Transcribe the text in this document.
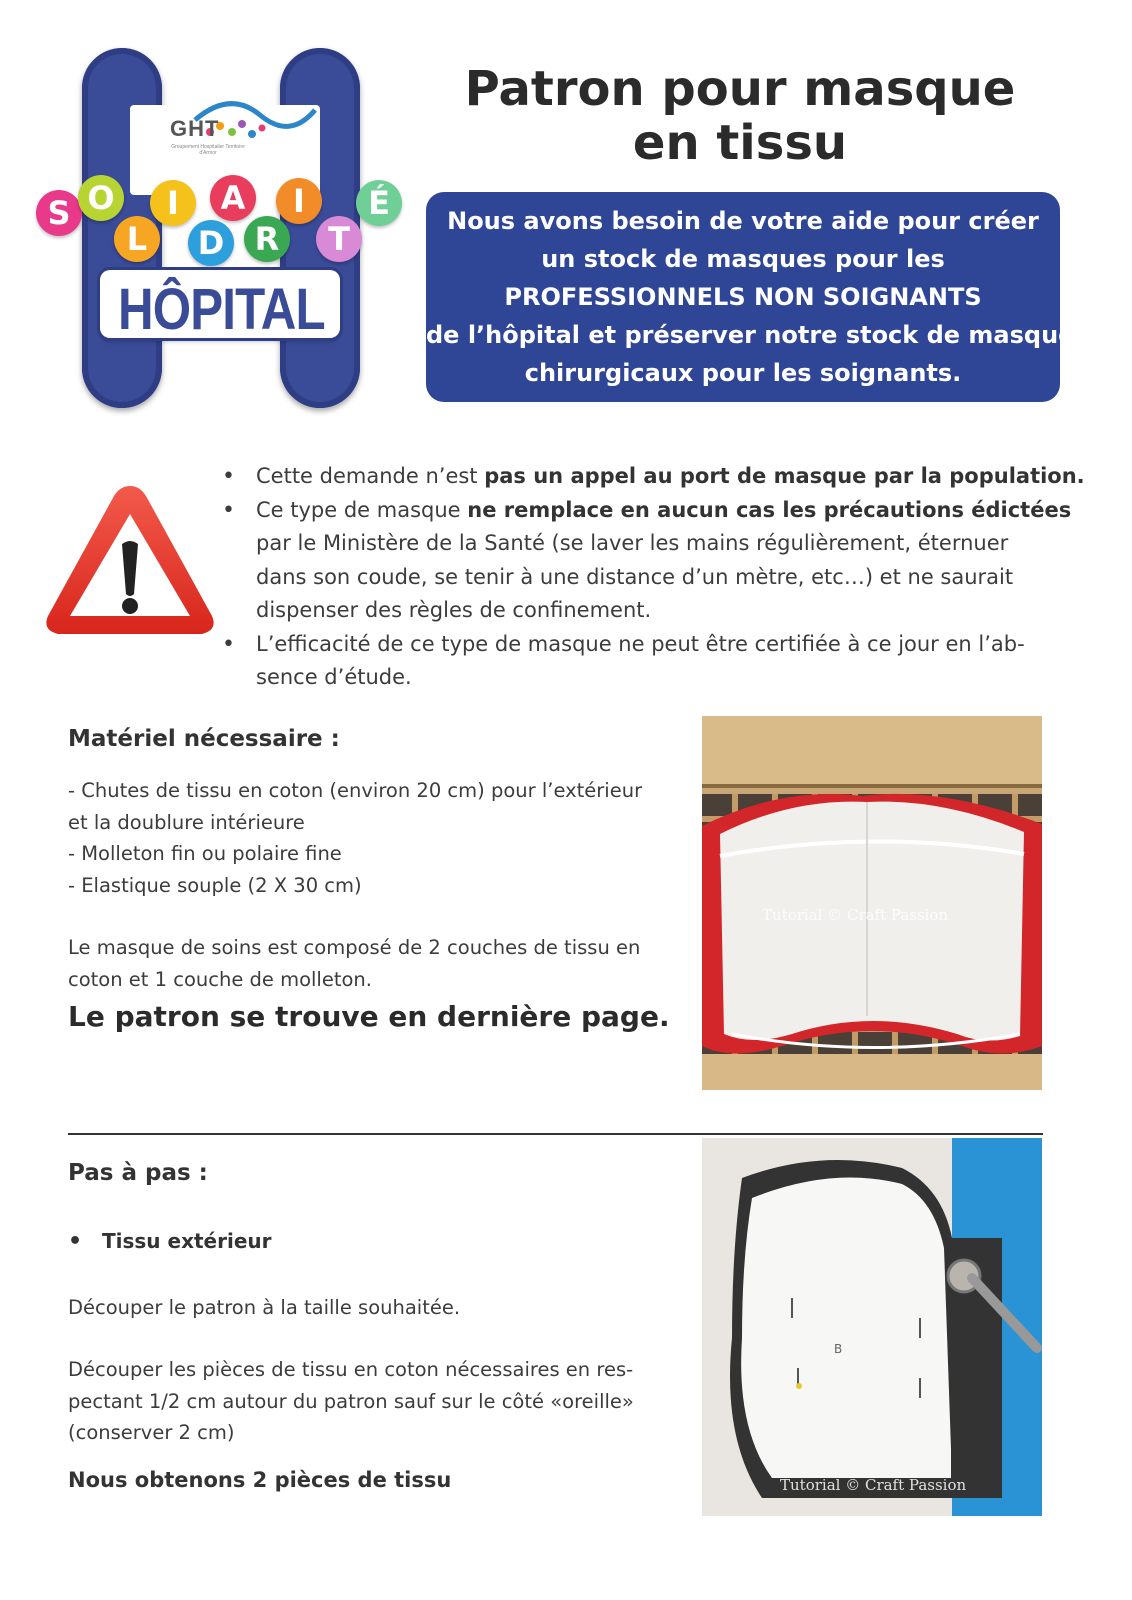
GHT
Groupement Hospitalier Territoire d'Armor
S O
L
I
D
A
R
I
T
É
HÔPITAL
Patron pour masque
en tissu
Nous avons besoin de votre aide pour créer
un stock de masques pour les
PROFESSIONNELS NON SOIGNANTS
de l’hôpital et préserver notre stock de masques
chirurgicaux pour les soignants.
• Cette demande n’est pas un appel au port de masque par la population.
• Ce type de masque ne remplace en aucun cas les précautions édictées
par le Ministère de la Santé (se laver les mains régulièrement, éternuer
dans son coude, se tenir à une distance d’un mètre, etc…) et ne saurait
dispenser des règles de confinement.
• L’efficacité de ce type de masque ne peut être certifiée à ce jour en l’ab-
sence d’étude.
Matériel nécessaire :
- Chutes de tissu en coton (environ 20 cm) pour l’extérieur
et la doublure intérieure
- Molleton fin ou polaire fine
- Elastique souple (2 X 30 cm)
Le masque de soins est composé de 2 couches de tissu en
coton et 1 couche de molleton.
Le patron se trouve en dernière page.
Tutorial © Craft Passion
Pas à pas :
• Tissu extérieur
Découper le patron à la taille souhaitée.
Découper les pièces de tissu en coton nécessaires en res-
pectant 1/2 cm autour du patron sauf sur le côté «oreille»
(conserver 2 cm)
Nous obtenons 2 pièces de tissu
B
Tutorial © Craft Passion
